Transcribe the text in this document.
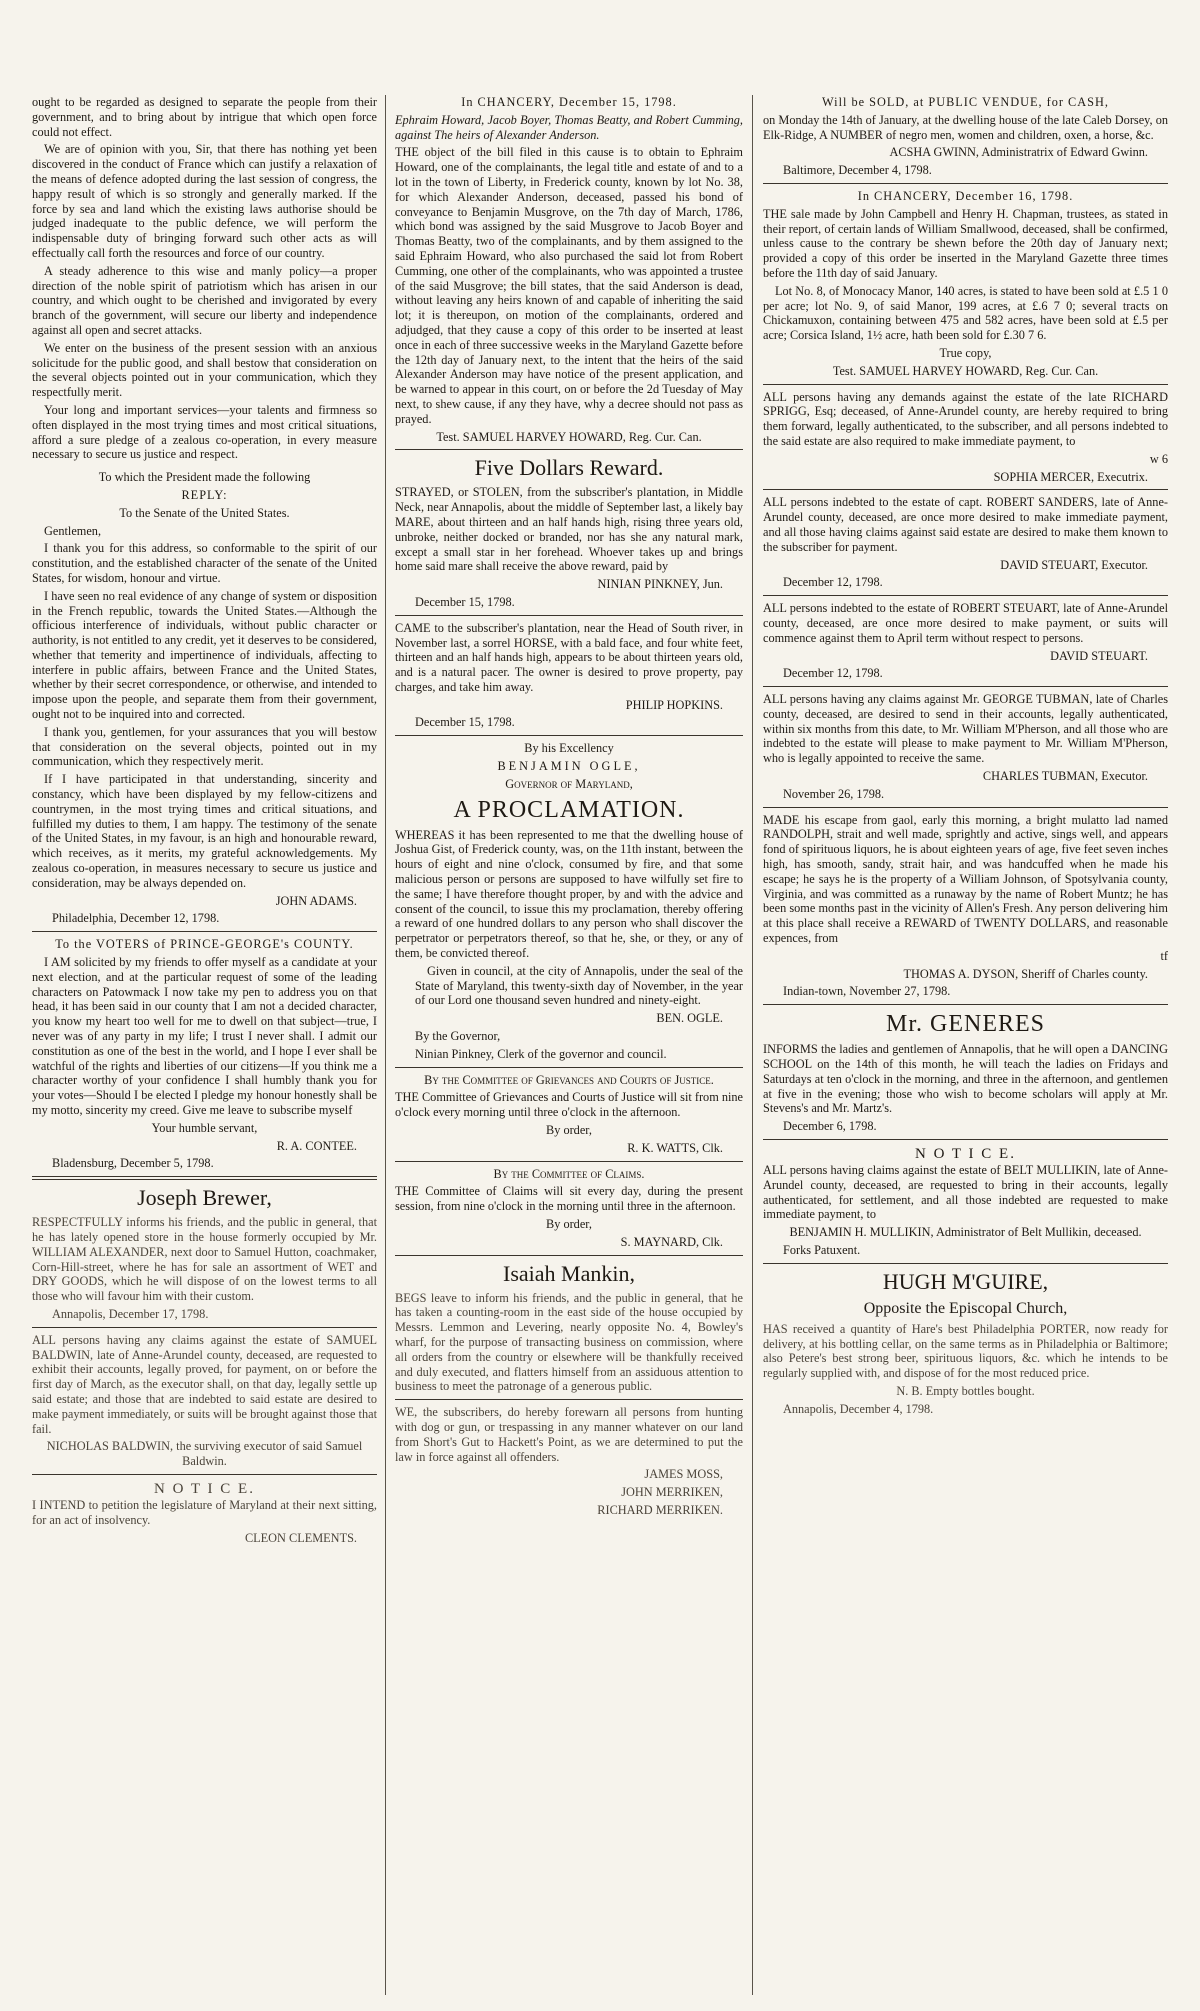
ought to be regarded as designed to separate the people from their government, and to bring about by intrigue that which open force could not effect.

We are of opinion with you, Sir, that there has nothing yet been discovered in the conduct of France which can justify a relaxation of the means of defence adopted during the last session of congress, the happy result of which is so strongly and generally marked. If the force by sea and land which the existing laws authorise should be judged inadequate to the public defence, we will perform the indispensable duty of bringing forward such other acts as will effectually call forth the resources and force of our country.

A steady adherence to this wise and manly policy—a proper direction of the noble spirit of patriotism which has arisen in our country, and which ought to be cherished and invigorated by every branch of the government, will secure our liberty and independence against all open and secret attacks.

We enter on the business of the present session with an anxious solicitude for the public good, and shall bestow that consideration on the several objects pointed out in your communication, which they respectfully merit.

Your long and important services—your talents and firmness so often displayed in the most trying times and most critical situations, afford a sure pledge of a zealous co-operation, in every measure necessary to secure us justice and respect.

To which the President made the following

REPLY:

To the Senate of the United States.

Gentlemen,

I thank you for this address, so conformable to the spirit of our constitution, and the established character of the senate of the United States, for wisdom, honour and virtue.

I have seen no real evidence of any change of system or disposition in the French republic, towards the United States.—Although the officious interference of individuals, without public character or authority, is not entitled to any credit, yet it deserves to be considered, whether that temerity and impertinence of individuals, affecting to interfere in public affairs, between France and the United States, whether by their secret correspondence, or otherwise, and intended to impose upon the people, and separate them from their government, ought not to be inquired into and corrected.

I thank you, gentlemen, for your assurances that you will bestow that consideration on the several objects, pointed out in my communication, which they respectively merit.

If I have participated in that understanding, sincerity and constancy, which have been displayed by my fellow-citizens and countrymen, in the most trying times and critical situations, and fulfilled my duties to them, I am happy. The testimony of the senate of the United States, in my favour, is an high and honourable reward, which receives, as it merits, my grateful acknowledgements. My zealous co-operation, in measures necessary to secure us justice and consideration, may be always depended on.

JOHN ADAMS.

Philadelphia, December 12, 1798.

To the VOTERS of PRINCE-GEORGE's COUNTY.

I AM solicited by my friends to offer myself as a candidate at your next election, and at the particular request of some of the leading characters on Patowmack I now take my pen to address you on that head, it has been said in our county that I am not a decided character, you know my heart too well for me to dwell on that subject—true, I never was of any party in my life; I trust I never shall. I admit our constitution as one of the best in the world, and I hope I ever shall be watchful of the rights and liberties of our citizens—If you think me a character worthy of your confidence I shall humbly thank you for your votes—Should I be elected I pledge my honour honestly shall be my motto, sincerity my creed. Give me leave to subscribe myself

Your humble servant,

R. A. CONTEE.

Bladensburg, December 5, 1798.

Joseph Brewer,

RESPECTFULLY informs his friends, and the public in general, that he has lately opened store in the house formerly occupied by Mr. WILLIAM ALEXANDER, next door to Samuel Hutton, coachmaker, Corn-Hill-street, where he has for sale an assortment of WET and DRY GOODS, which he will dispose of on the lowest terms to all those who will favour him with their custom.

Annapolis, December 17, 1798.

ALL persons having any claims against the estate of SAMUEL BALDWIN, late of Anne-Arundel county, deceased, are requested to exhibit their accounts, legally proved, for payment, on or before the first day of March, as the executor shall, on that day, legally settle up said estate; and those that are indebted to said estate are desired to make payment immediately, or suits will be brought against those that fail.

NICHOLAS BALDWIN, the surviving executor of said Samuel Baldwin.

N O T I C E.

I INTEND to petition the legislature of Maryland at their next sitting, for an act of insolvency.

CLEON CLEMENTS.

In CHANCERY, December 15, 1798.

Ephraim Howard, Jacob Boyer, Thomas Beatty, and Robert Cumming, against The heirs of Alexander Anderson.

THE object of the bill filed in this cause is to obtain to Ephraim Howard, one of the complainants, the legal title and estate of and to a lot in the town of Liberty, in Frederick county, known by lot No. 38, for which Alexander Anderson, deceased, passed his bond of conveyance to Benjamin Musgrove, on the 7th day of March, 1786, which bond was assigned by the said Musgrove to Jacob Boyer and Thomas Beatty, two of the complainants, and by them assigned to the said Ephraim Howard, who also purchased the said lot from Robert Cumming, one other of the complainants, who was appointed a trustee of the said Musgrove; the bill states, that the said Anderson is dead, without leaving any heirs known of and capable of inheriting the said lot; it is thereupon, on motion of the complainants, ordered and adjudged, that they cause a copy of this order to be inserted at least once in each of three successive weeks in the Maryland Gazette before the 12th day of January next, to the intent that the heirs of the said Alexander Anderson may have notice of the present application, and be warned to appear in this court, on or before the 2d Tuesday of May next, to shew cause, if any they have, why a decree should not pass as prayed.

Test. SAMUEL HARVEY HOWARD, Reg. Cur. Can.

Five Dollars Reward.

STRAYED, or STOLEN, from the subscriber's plantation, in Middle Neck, near Annapolis, about the middle of September last, a likely bay MARE, about thirteen and an half hands high, rising three years old, unbroke, neither docked or branded, nor has she any natural mark, except a small star in her forehead. Whoever takes up and brings home said mare shall receive the above reward, paid by

NINIAN PINKNEY, Jun.

December 15, 1798.

CAME to the subscriber's plantation, near the Head of South river, in November last, a sorrel HORSE, with a bald face, and four white feet, thirteen and an half hands high, appears to be about thirteen years old, and is a natural pacer. The owner is desired to prove property, pay charges, and take him away.

PHILIP HOPKINS.

December 15, 1798.

By his Excellency

BENJAMIN OGLE,

Governor of Maryland,

A PROCLAMATION.

WHEREAS it has been represented to me that the dwelling house of Joshua Gist, of Frederick county, was, on the 11th instant, between the hours of eight and nine o'clock, consumed by fire, and that some malicious person or persons are supposed to have wilfully set fire to the same; I have therefore thought proper, by and with the advice and consent of the council, to issue this my proclamation, thereby offering a reward of one hundred dollars to any person who shall discover the perpetrator or perpetrators thereof, so that he, she, or they, or any of them, be convicted thereof.

Given in council, at the city of Annapolis, under the seal of the State of Maryland, this twenty-sixth day of November, in the year of our Lord one thousand seven hundred and ninety-eight.

BEN. OGLE.

By the Governor,

Ninian Pinkney, Clerk of the governor and council.

By the Committee of Grievances and Courts of Justice.

THE Committee of Grievances and Courts of Justice will sit from nine o'clock every morning until three o'clock in the afternoon.

By order,

R. K. WATTS, Clk.

By the Committee of Claims.

THE Committee of Claims will sit every day, during the present session, from nine o'clock in the morning until three in the afternoon.

By order,

S. MAYNARD, Clk.

Isaiah Mankin,

BEGS leave to inform his friends, and the public in general, that he has taken a counting-room in the east side of the house occupied by Messrs. Lemmon and Levering, nearly opposite No. 4, Bowley's wharf, for the purpose of transacting business on commission, where all orders from the country or elsewhere will be thankfully received and duly executed, and flatters himself from an assiduous attention to business to meet the patronage of a generous public.

WE, the subscribers, do hereby forewarn all persons from hunting with dog or gun, or trespassing in any manner whatever on our land from Short's Gut to Hackett's Point, as we are determined to put the law in force against all offenders.

JAMES MOSS,

JOHN MERRIKEN,

RICHARD MERRIKEN.

Will be SOLD, at PUBLIC VENDUE, for CASH,

on Monday the 14th of January, at the dwelling house of the late Caleb Dorsey, on Elk-Ridge, A NUMBER of negro men, women and children, oxen, a horse, &c.

ACSHA GWINN, Administratrix of Edward Gwinn.

Baltimore, December 4, 1798.

In CHANCERY, December 16, 1798.

THE sale made by John Campbell and Henry H. Chapman, trustees, as stated in their report, of certain lands of William Smallwood, deceased, shall be confirmed, unless cause to the contrary be shewn before the 20th day of January next; provided a copy of this order be inserted in the Maryland Gazette three times before the 11th day of said January.

Lot No. 8, of Monocacy Manor, 140 acres, is stated to have been sold at £.5 1 0 per acre; lot No. 9, of said Manor, 199 acres, at £.6 7 0; several tracts on Chickamuxon, containing between 475 and 582 acres, have been sold at £.5 per acre; Corsica Island, 1½ acre, hath been sold for £.30 7 6.

True copy,

Test. SAMUEL HARVEY HOWARD, Reg. Cur. Can.

ALL persons having any demands against the estate of the late RICHARD SPRIGG, Esq; deceased, of Anne-Arundel county, are hereby required to bring them forward, legally authenticated, to the subscriber, and all persons indebted to the said estate are also required to make immediate payment, to

w 6

SOPHIA MERCER, Executrix.

ALL persons indebted to the estate of capt. ROBERT SANDERS, late of Anne-Arundel county, deceased, are once more desired to make immediate payment, and all those having claims against said estate are desired to make them known to the subscriber for payment.

DAVID STEUART, Executor.

December 12, 1798.

ALL persons indebted to the estate of ROBERT STEUART, late of Anne-Arundel county, deceased, are once more desired to make payment, or suits will commence against them to April term without respect to persons.

DAVID STEUART.

December 12, 1798.

ALL persons having any claims against Mr. GEORGE TUBMAN, late of Charles county, deceased, are desired to send in their accounts, legally authenticated, within six months from this date, to Mr. William M'Pherson, and all those who are indebted to the estate will please to make payment to Mr. William M'Pherson, who is legally appointed to receive the same.

CHARLES TUBMAN, Executor.

November 26, 1798.

MADE his escape from gaol, early this morning, a bright mulatto lad named RANDOLPH, strait and well made, sprightly and active, sings well, and appears fond of spirituous liquors, he is about eighteen years of age, five feet seven inches high, has smooth, sandy, strait hair, and was handcuffed when he made his escape; he says he is the property of a William Johnson, of Spotsylvania county, Virginia, and was committed as a runaway by the name of Robert Muntz; he has been some months past in the vicinity of Allen's Fresh. Any person delivering him at this place shall receive a REWARD of TWENTY DOLLARS, and reasonable expences, from

tf

THOMAS A. DYSON, Sheriff of Charles county.

Indian-town, November 27, 1798.

Mr. GENERES

INFORMS the ladies and gentlemen of Annapolis, that he will open a DANCING SCHOOL on the 14th of this month, he will teach the ladies on Fridays and Saturdays at ten o'clock in the morning, and three in the afternoon, and gentlemen at five in the evening; those who wish to become scholars will apply at Mr. Stevens's and Mr. Martz's.

December 6, 1798.

N O T I C E.

ALL persons having claims against the estate of BELT MULLIKIN, late of Anne-Arundel county, deceased, are requested to bring in their accounts, legally authenticated, for settlement, and all those indebted are requested to make immediate payment, to

BENJAMIN H. MULLIKIN, Administrator of Belt Mullikin, deceased.

Forks Patuxent.

HUGH M'GUIRE,

Opposite the Episcopal Church,

HAS received a quantity of Hare's best Philadelphia PORTER, now ready for delivery, at his bottling cellar, on the same terms as in Philadelphia or Baltimore; also Petere's best strong beer, spirituous liquors, &c. which he intends to be regularly supplied with, and dispose of for the most reduced price.

N. B. Empty bottles bought.

Annapolis, December 4, 1798.
